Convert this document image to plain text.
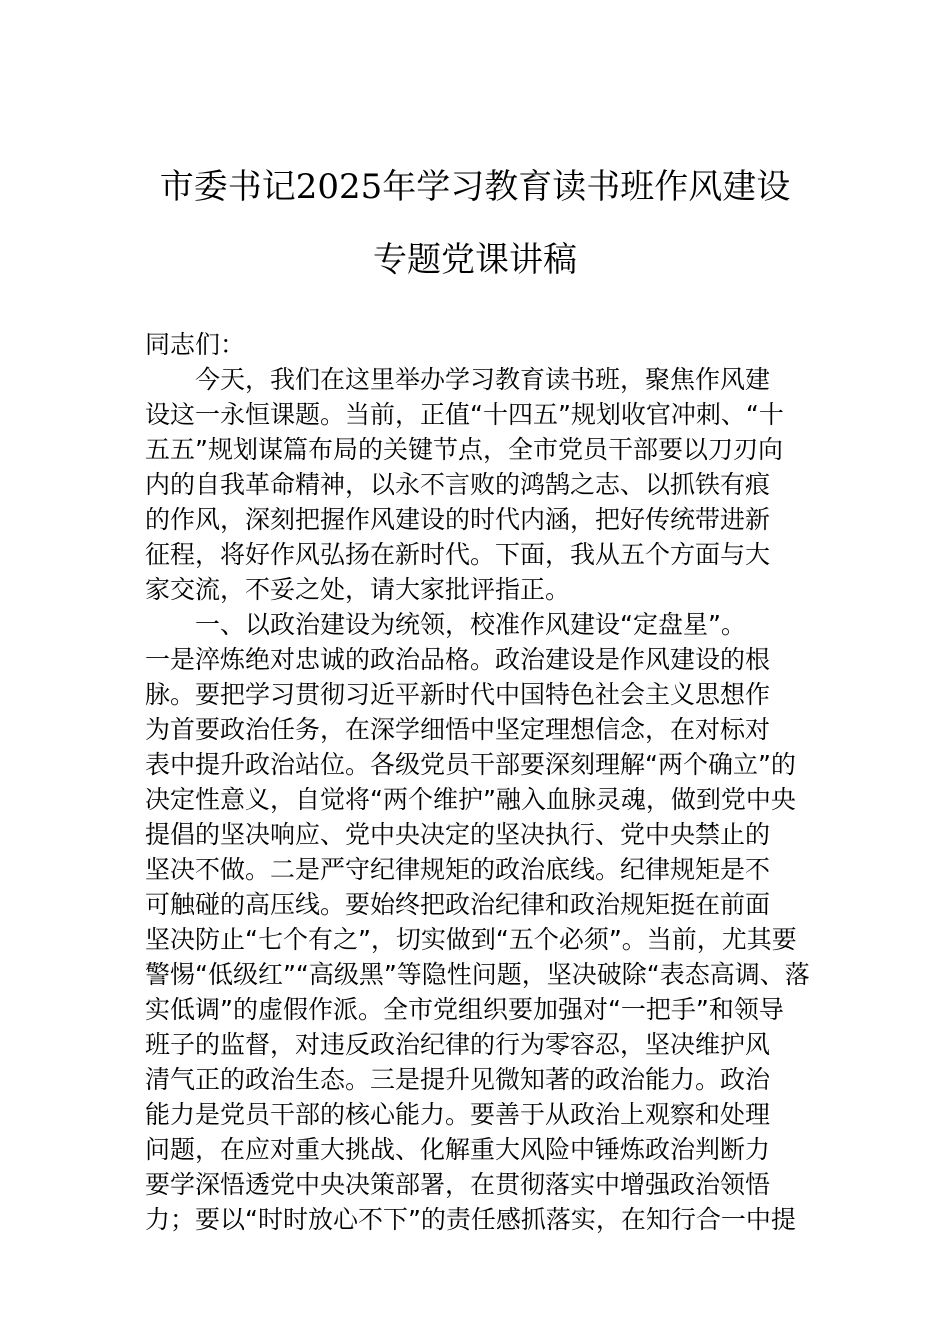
市委书记2025年学习教育读书班作风建设
专题党课讲稿
同志们：
今天，我们在这里举办学习教育读书班，聚焦作风建
设这一永恒课题。当前，正值“十四五”规划收官冲刺、“十
五五”规划谋篇布局的关键节点，全市党员干部要以刀刃向
内的自我革命精神，以永不言败的鸿鹄之志、以抓铁有痕
的作风，深刻把握作风建设的时代内涵，把好传统带进新
征程，将好作风弘扬在新时代。下面，我从五个方面与大
家交流，不妥之处，请大家批评指正。
一、以政治建设为统领，校准作风建设“定盘星”。
一是淬炼绝对忠诚的政治品格。政治建设是作风建设的根
脉。要把学习贯彻习近平新时代中国特色社会主义思想作
为首要政治任务，在深学细悟中坚定理想信念，在对标对
表中提升政治站位。各级党员干部要深刻理解“两个确立”的
决定性意义，自觉将“两个维护”融入血脉灵魂，做到党中央
提倡的坚决响应、党中央决定的坚决执行、党中央禁止的
坚决不做。二是严守纪律规矩的政治底线。纪律规矩是不
可触碰的高压线。要始终把政治纪律和政治规矩挺在前面
坚决防止“七个有之”，切实做到“五个必须”。当前，尤其要
警惕“低级红”“高级黑”等隐性问题，坚决破除“表态高调、落
实低调”的虚假作派。全市党组织要加强对“一把手”和领导
班子的监督，对违反政治纪律的行为零容忍，坚决维护风
清气正的政治生态。三是提升见微知著的政治能力。政治
能力是党员干部的核心能力。要善于从政治上观察和处理
问题，在应对重大挑战、化解重大风险中锤炼政治判断力
要学深悟透党中央决策部署，在贯彻落实中增强政治领悟
力；要以“时时放心不下”的责任感抓落实，在知行合一中提
